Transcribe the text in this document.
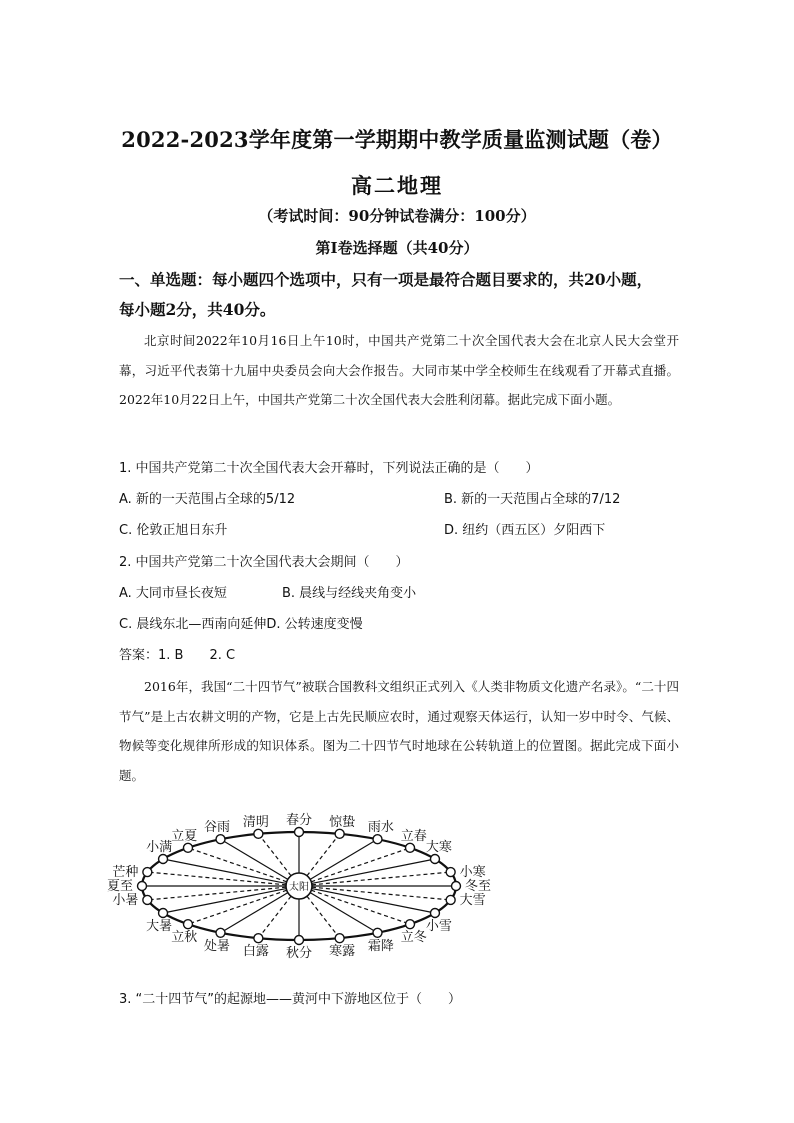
2022-2023学年度第一学期期中教学质量监测试题（卷）
高二地理
（考试时间：90分钟试卷满分：100分）
第Ⅰ卷选择题（共40分）
一、单选题：每小题四个选项中，只有一项是最符合题目要求的，共20小题，
每小题2分，共40分。

北京时间2022年10月16日上午10时，中国共产党第二十次全国代表大会在北京人民大会堂开幕，习近平代表第十九届中央委员会向大会作报告。大同市某中学全校师生在线观看了开幕式直播。2022年10月22日上午，中国共产党第二十次全国代表大会胜利闭幕。据此完成下面小题。

1. 中国共产党第二十次全国代表大会开幕时，下列说法正确的是（　　）
A. 新的一天范围占全球的5/12	B. 新的一天范围占全球的7/12
C. 伦敦正旭日东升	D. 纽约（西五区）夕阳西下
2. 中国共产党第二十次全国代表大会期间（　　）
A. 大同市昼长夜短	B. 晨线与经线夹角变小
C. 晨线东北—西南向延伸D. 公转速度变慢
答案：1. B　　2. C

2016年，我国“二十四节气”被联合国教科文组织正式列入《人类非物质文化遗产名录》。“二十四节气”是上古农耕文明的产物，它是上古先民顺应农时，通过观察天体运行，认知一岁中时令、气候、物候等变化规律所形成的知识体系。图为二十四节气时地球在公转轨道上的位置图。据此完成下面小题。

太阳	冬至
小寒
大寒
立春
雨水
惊蛰
春分
清明
谷雨
立夏
小满
芒种
夏至
小暑
大暑
立秋
处暑 白露 秋分 寒露 霜降
立冬
小雪
大雪
3. “二十四节气”的起源地——黄河中下游地区位于（　　）
